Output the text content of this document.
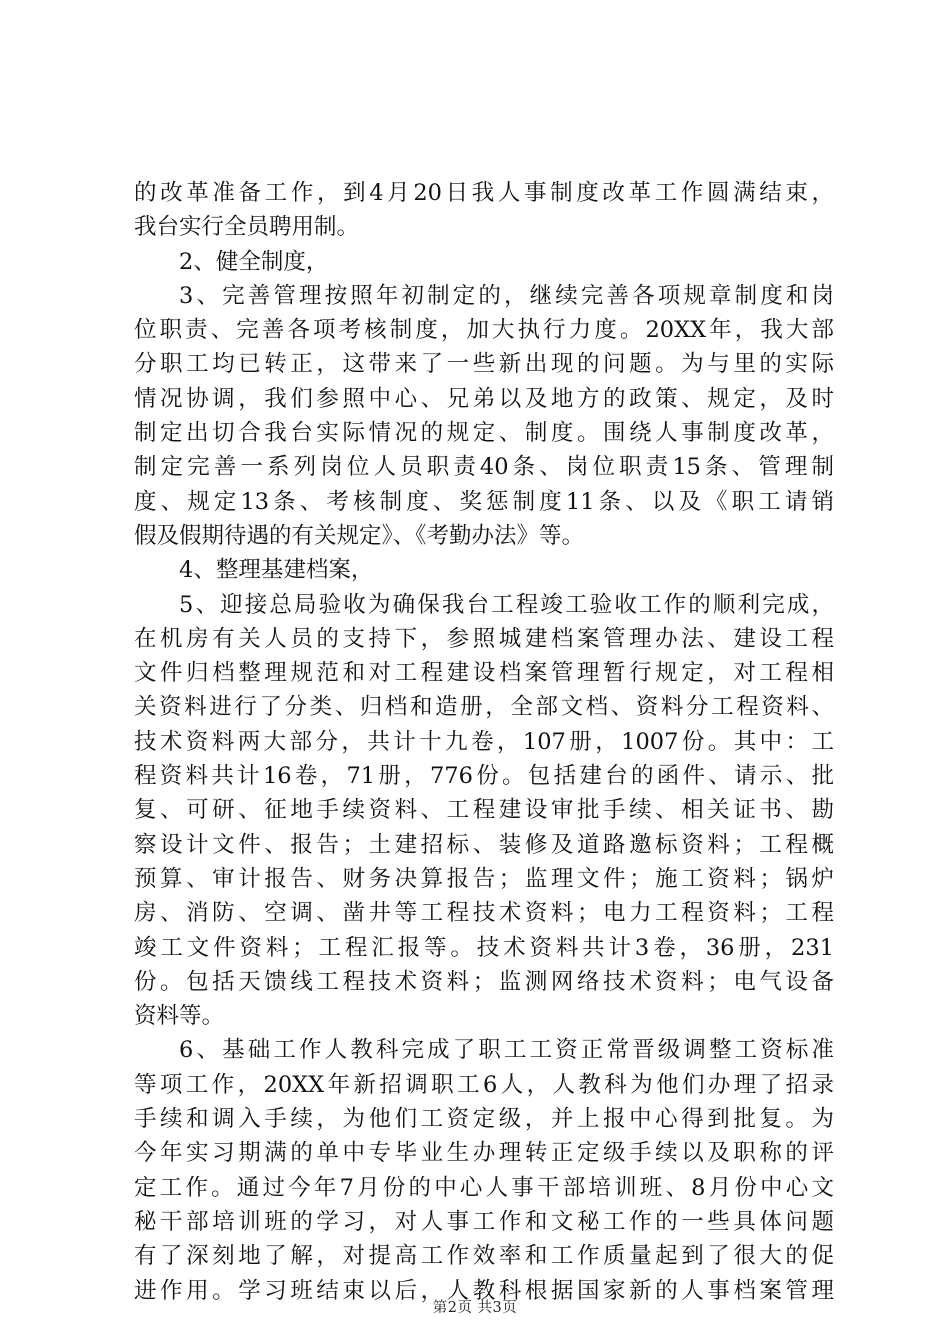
的改革准备工作，到4月20日我人事制度改革工作圆满结束，
我台实行全员聘用制。
2、健全制度，
3、完善管理按照年初制定的，继续完善各项规章制度和岗
位职责、完善各项考核制度，加大执行力度。20XX年，我大部
分职工均已转正，这带来了一些新出现的问题。为与里的实际
情况协调，我们参照中心、兄弟以及地方的政策、规定，及时
制定出切合我台实际情况的规定、制度。围绕人事制度改革，
制定完善一系列岗位人员职责40条、岗位职责15条、管理制
度、规定13条、考核制度、奖惩制度11条、以及《职工请销
假及假期待遇的有关规定》、《考勤办法》等。
4、整理基建档案，
5、迎接总局验收为确保我台工程竣工验收工作的顺利完成，
在机房有关人员的支持下，参照城建档案管理办法、建设工程
文件归档整理规范和对工程建设档案管理暂行规定，对工程相
关资料进行了分类、归档和造册，全部文档、资料分工程资料、
技术资料两大部分，共计十九卷，107册，1007份。其中：工
程资料共计16卷，71册，776份。包括建台的函件、请示、批
复、可研、征地手续资料、工程建设审批手续、相关证书、勘
察设计文件、报告；土建招标、装修及道路邀标资料；工程概
预算、审计报告、财务决算报告；监理文件；施工资料；锅炉
房、消防、空调、凿井等工程技术资料；电力工程资料；工程
竣工文件资料；工程汇报等。技术资料共计3卷，36册，231
份。包括天馈线工程技术资料；监测网络技术资料；电气设备
资料等。
6、基础工作人教科完成了职工工资正常晋级调整工资标准
等项工作，20XX年新招调职工6人，人教科为他们办理了招录
手续和调入手续，为他们工资定级，并上报中心得到批复。为
今年实习期满的单中专毕业生办理转正定级手续以及职称的评
定工作。通过今年7月份的中心人事干部培训班、8月份中心文
秘干部培训班的学习，对人事工作和文秘工作的一些具体问题
有了深刻地了解，对提高工作效率和工作质量起到了很大的促
进作用。学习班结束以后，人教科根据国家新的人事档案管理
第2页 共3页
